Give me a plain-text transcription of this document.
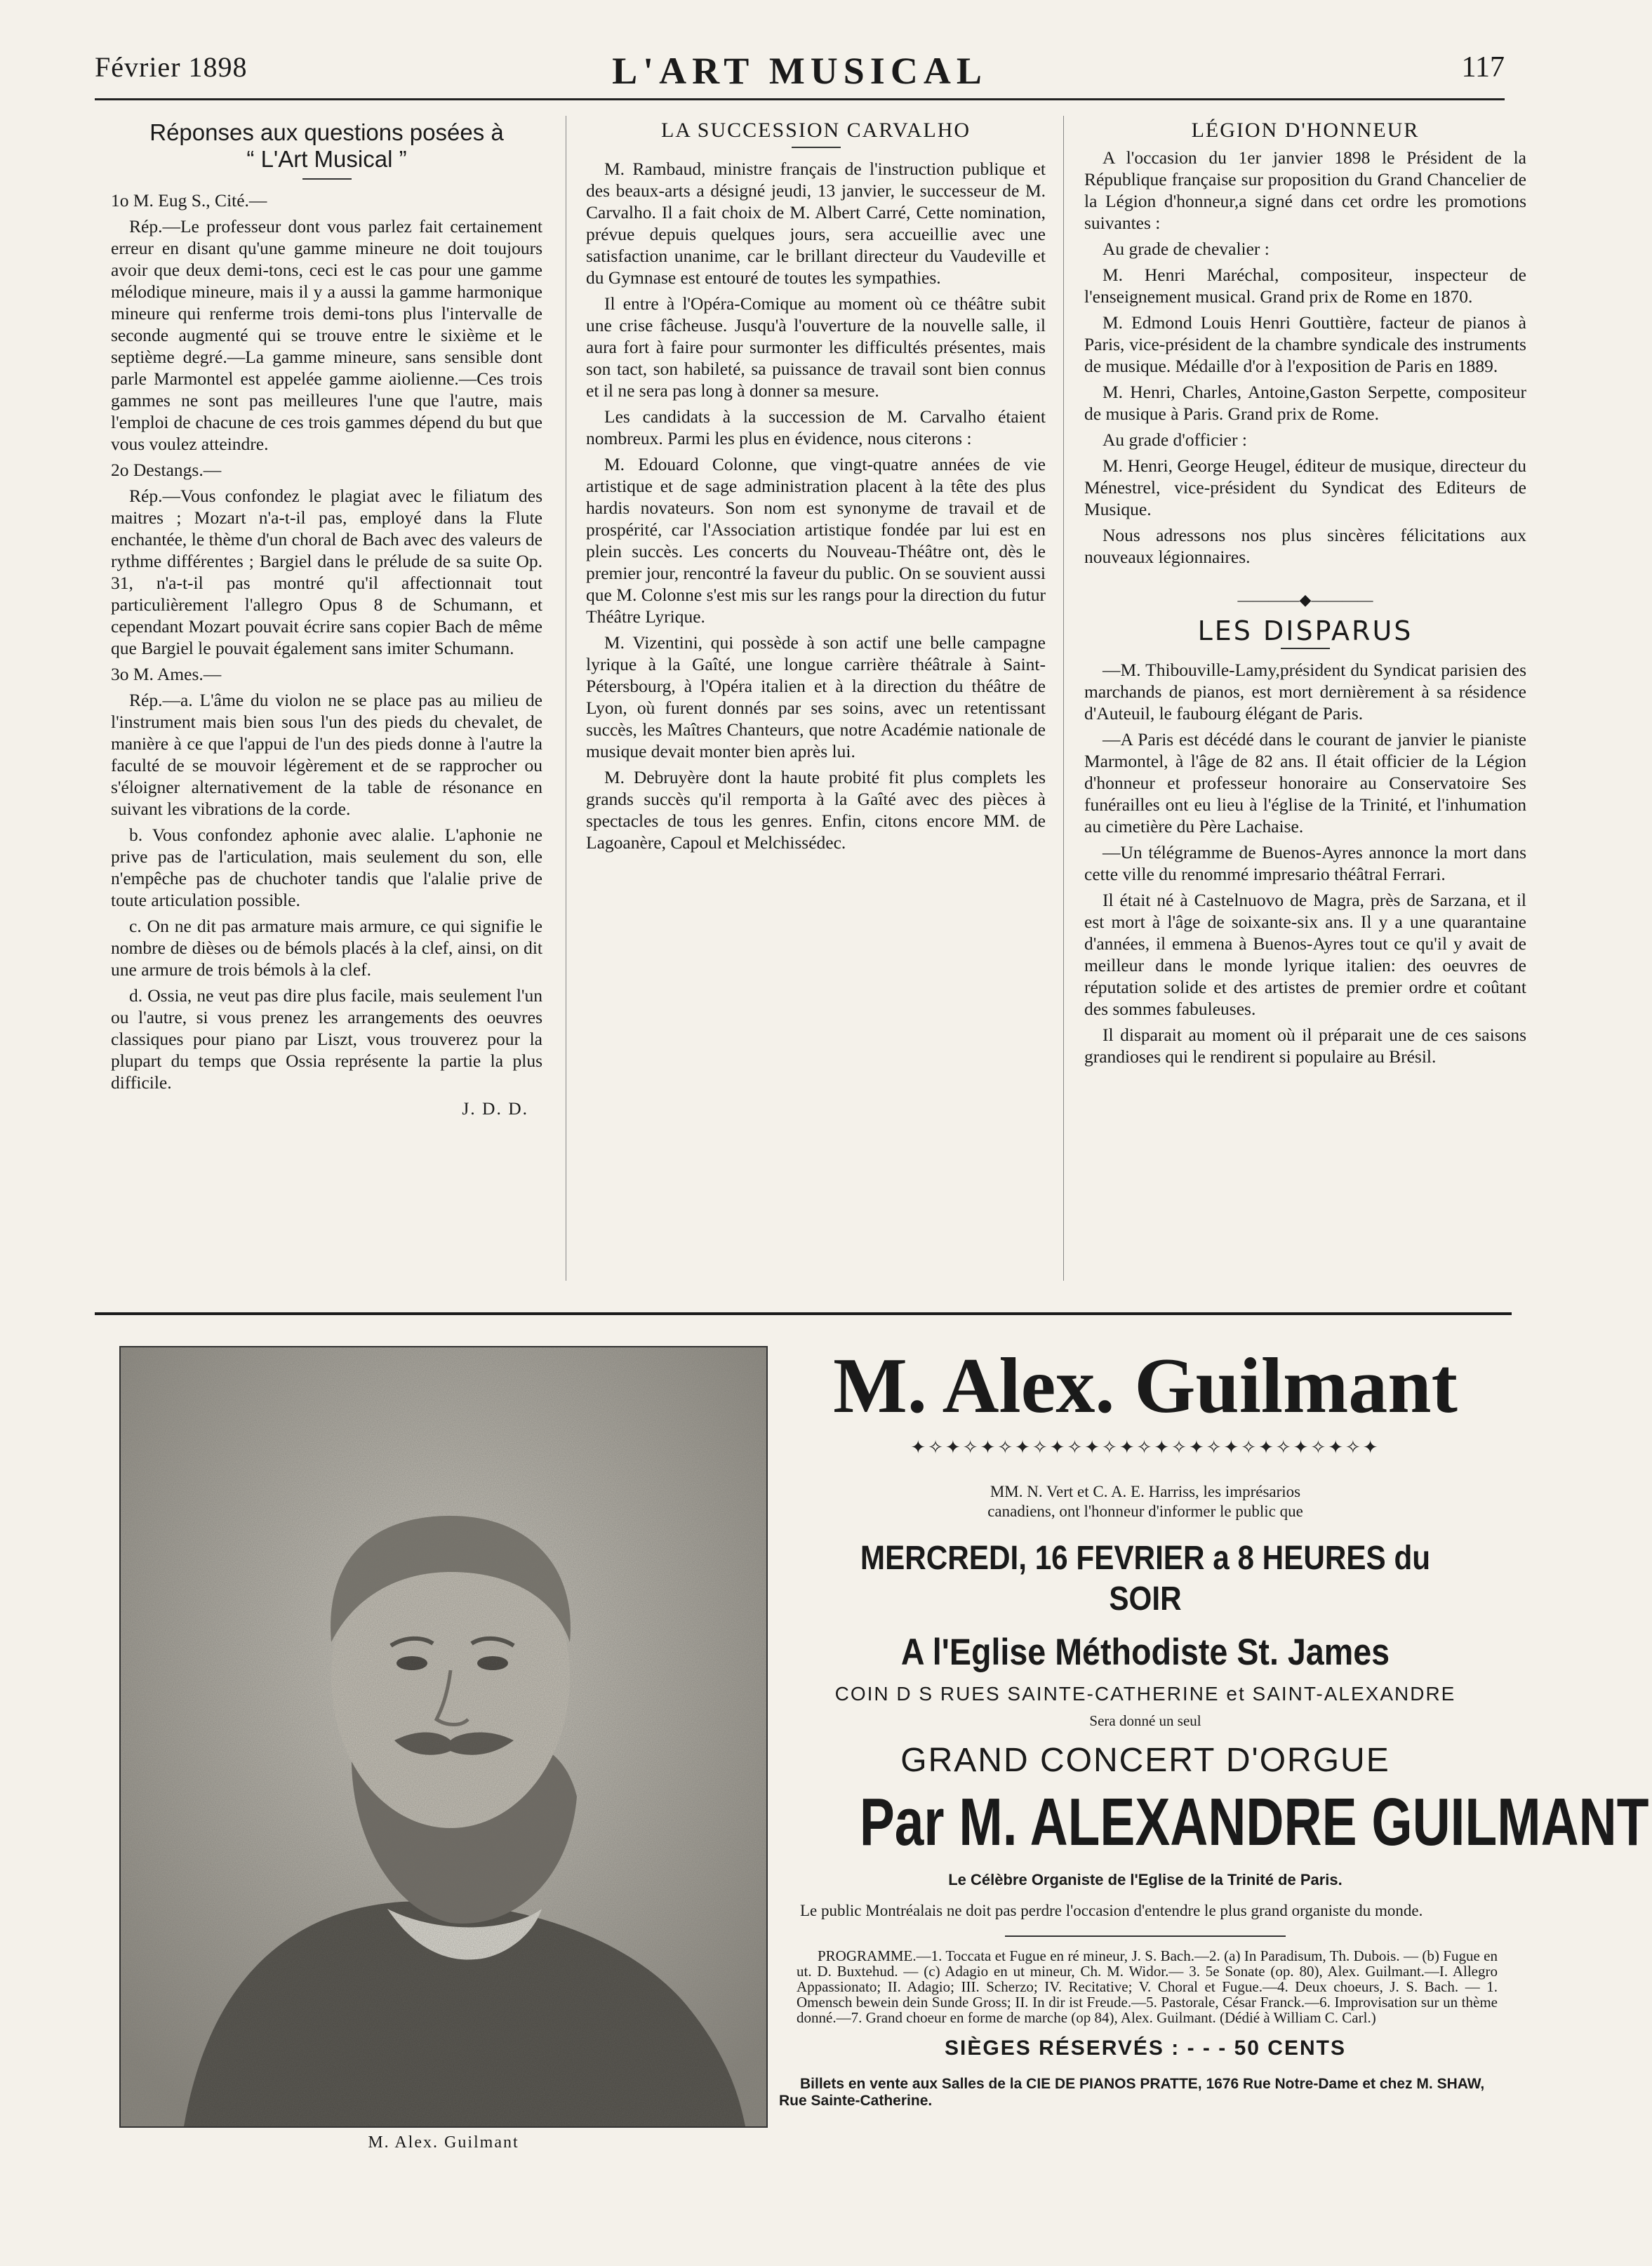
Février 1898	L'ART MUSICAL	117
Réponses aux questions posées à
“ L'Art Musical ”

1o M. Eug S., Cité.—

Rép.—Le professeur dont vous parlez fait certainement erreur en disant qu'une gamme mineure ne doit toujours avoir que deux demi-tons, ceci est le cas pour une gamme mélodique mineure, mais il y a aussi la gamme harmonique mineure qui renferme trois demi-tons plus l'intervalle de seconde augmenté qui se trouve entre le sixième et le septième degré.—La gamme mineure, sans sensible dont parle Marmontel est appelée gamme aiolienne.—Ces trois gammes ne sont pas meilleures l'une que l'autre, mais l'emploi de chacune de ces trois gammes dépend du but que vous voulez atteindre.

2o Destangs.—

Rép.—Vous confondez le plagiat avec le filiatum des maitres ; Mozart n'a-t-il pas, employé dans la Flute enchantée, le thème d'un choral de Bach avec des valeurs de rythme différentes ; Bargiel dans le prélude de sa suite Op. 31, n'a-t-il pas montré qu'il affectionnait tout particulièrement l'allegro Opus 8 de Schumann, et cependant Mozart pouvait écrire sans copier Bach de même que Bargiel le pouvait également sans imiter Schumann.

3o M. Ames.—

Rép.—a. L'âme du violon ne se place pas au milieu de l'instrument mais bien sous l'un des pieds du chevalet, de manière à ce que l'appui de l'un des pieds donne à l'autre la faculté de se mouvoir légèrement et de se rapprocher ou s'éloigner alternativement de la table de résonance en suivant les vibrations de la corde.

b. Vous confondez aphonie avec alalie. L'aphonie ne prive pas de l'articulation, mais seulement du son, elle n'empêche pas de chuchoter tandis que l'alalie prive de toute articulation possible.

c. On ne dit pas armature mais armure, ce qui signifie le nombre de dièses ou de bémols placés à la clef, ainsi, on dit une armure de trois bémols à la clef.

d. Ossia, ne veut pas dire plus facile, mais seulement l'un ou l'autre, si vous prenez les arrangements des oeuvres classiques pour piano par Liszt, vous trouverez pour la plupart du temps que Ossia représente la partie la plus difficile.

J. D. D.
LA SUCCESSION CARVALHO

M. Rambaud, ministre français de l'instruction publique et des beaux-arts a désigné jeudi, 13 janvier, le successeur de M. Carvalho. Il a fait choix de M. Albert Carré, Cette nomination, prévue depuis quelques jours, sera accueillie avec une satisfaction unanime, car le brillant directeur du Vaudeville et du Gymnase est entouré de toutes les sympathies.

Il entre à l'Opéra-Comique au moment où ce théâtre subit une crise fâcheuse. Jusqu'à l'ouverture de la nouvelle salle, il aura fort à faire pour surmonter les difficultés présentes, mais son tact, son habileté, sa puissance de travail sont bien connus et il ne sera pas long à donner sa mesure.

Les candidats à la succession de M. Carvalho étaient nombreux. Parmi les plus en évidence, nous citerons :

M. Edouard Colonne, que vingt-quatre années de vie artistique et de sage administration placent à la tête des plus hardis novateurs. Son nom est synonyme de travail et de prospérité, car l'Association artistique fondée par lui est en plein succès. Les concerts du Nouveau-Théâtre ont, dès le premier jour, rencontré la faveur du public. On se souvient aussi que M. Colonne s'est mis sur les rangs pour la direction du futur Théâtre Lyrique.

M. Vizentini, qui possède à son actif une belle campagne lyrique à la Gaîté, une longue carrière théâtrale à Saint-Pétersbourg, à l'Opéra italien et à la direction du théâtre de Lyon, où furent donnés par ses soins, avec un retentissant succès, les Maîtres Chanteurs, que notre Académie nationale de musique devait monter bien après lui.

M. Debruyère dont la haute probité fit plus complets les grands succès qu'il remporta à la Gaîté avec des pièces à spectacles de tous les genres. Enfin, citons encore MM. de Lagoanère, Capoul et Melchissédec.

LÉGION D'HONNEUR

A l'occasion du 1er janvier 1898 le Président de la République française sur proposition du Grand Chancelier de la Légion d'honneur,a signé dans cet ordre les promotions suivantes :

Au grade de chevalier :

M. Henri Maréchal, compositeur, inspecteur de l'enseignement musical. Grand prix de Rome en 1870.

M. Edmond Louis Henri Gouttière, facteur de pianos à Paris, vice-président de la chambre syndicale des instruments de musique. Médaille d'or à l'exposition de Paris en 1889.

M. Henri, Charles, Antoine,Gaston Serpette, compositeur de musique à Paris. Grand prix de Rome.

Au grade d'officier :

M. Henri, George Heugel, éditeur de musique, directeur du Ménestrel, vice-président du Syndicat des Editeurs de Musique.

Nous adressons nos plus sincères félicitations aux nouveaux légionnaires.

————◆————
LES DISPARUS

—M. Thibouville-Lamy,président du Syndicat parisien des marchands de pianos, est mort dernièrement à sa résidence d'Auteuil, le faubourg élégant de Paris.

—A Paris est décédé dans le courant de janvier le pianiste Marmontel, à l'âge de 82 ans. Il était officier de la Légion d'honneur et professeur honoraire au Conservatoire Ses funérailles ont eu lieu à l'église de la Trinité, et l'inhumation au cimetière du Père Lachaise.

—Un télégramme de Buenos-Ayres annonce la mort dans cette ville du renommé impresario théâtral Ferrari.

Il était né à Castelnuovo de Magra, près de Sarzana, et il est mort à l'âge de soixante-six ans. Il y a une quarantaine d'années, il emmena à Buenos-Ayres tout ce qu'il y avait de meilleur dans le monde lyrique italien: des oeuvres de réputation solide et des artistes de premier ordre et coûtant des sommes fabuleuses.

Il disparait au moment où il préparait une de ces saisons grandioses qui le rendirent si populaire au Brésil.

M. Alex. Guilmant
M. Alex. Guilmant
✦✧✦✧✦✧✦✧✦✧✦✧✦✧✦✧✦✧✦✧✦✧✦✧✦✧✦
MM. N. Vert et C. A. E. Harriss, les imprésarios
canadiens, ont l'honneur d'informer le public que
MERCREDI, 16 FEVRIER a 8 HEURES du SOIR
A l'Eglise Méthodiste St. James
COIN D S RUES SAINTE-CATHERINE et SAINT-ALEXANDRE
Sera donné un seul
GRAND CONCERT D'ORGUE
Par M. ALEXANDRE GUILMANT
Le Célèbre Organiste de l'Eglise de la Trinité de Paris.
Le public Montréalais ne doit pas perdre l'occasion d'entendre le plus grand organiste du monde.
PROGRAMME.—1. Toccata et Fugue en ré mineur, J. S. Bach.—2. (a) In Paradisum, Th. Dubois. — (b) Fugue en ut. D. Buxtehud. — (c) Adagio en ut mineur, Ch. M. Widor.— 3. 5e Sonate (op. 80), Alex. Guilmant.—I. Allegro Appassionato; II. Adagio; III. Scherzo; IV. Recitative; V. Choral et Fugue.—4. Deux choeurs, J. S. Bach. — 1. Omensch bewein dein Sunde Gross; II. In dir ist Freude.—5. Pastorale, César Franck.—6. Improvisation sur un thème donné.—7. Grand choeur en forme de marche (op 84), Alex. Guilmant. (Dédié à William C. Carl.)
SIÈGES RÉSERVÉS : - - - 50 CENTS
Billets en vente aux Salles de la CIE DE PIANOS PRATTE, 1676 Rue Notre-Dame et chez M. SHAW, Rue Sainte-Catherine.
